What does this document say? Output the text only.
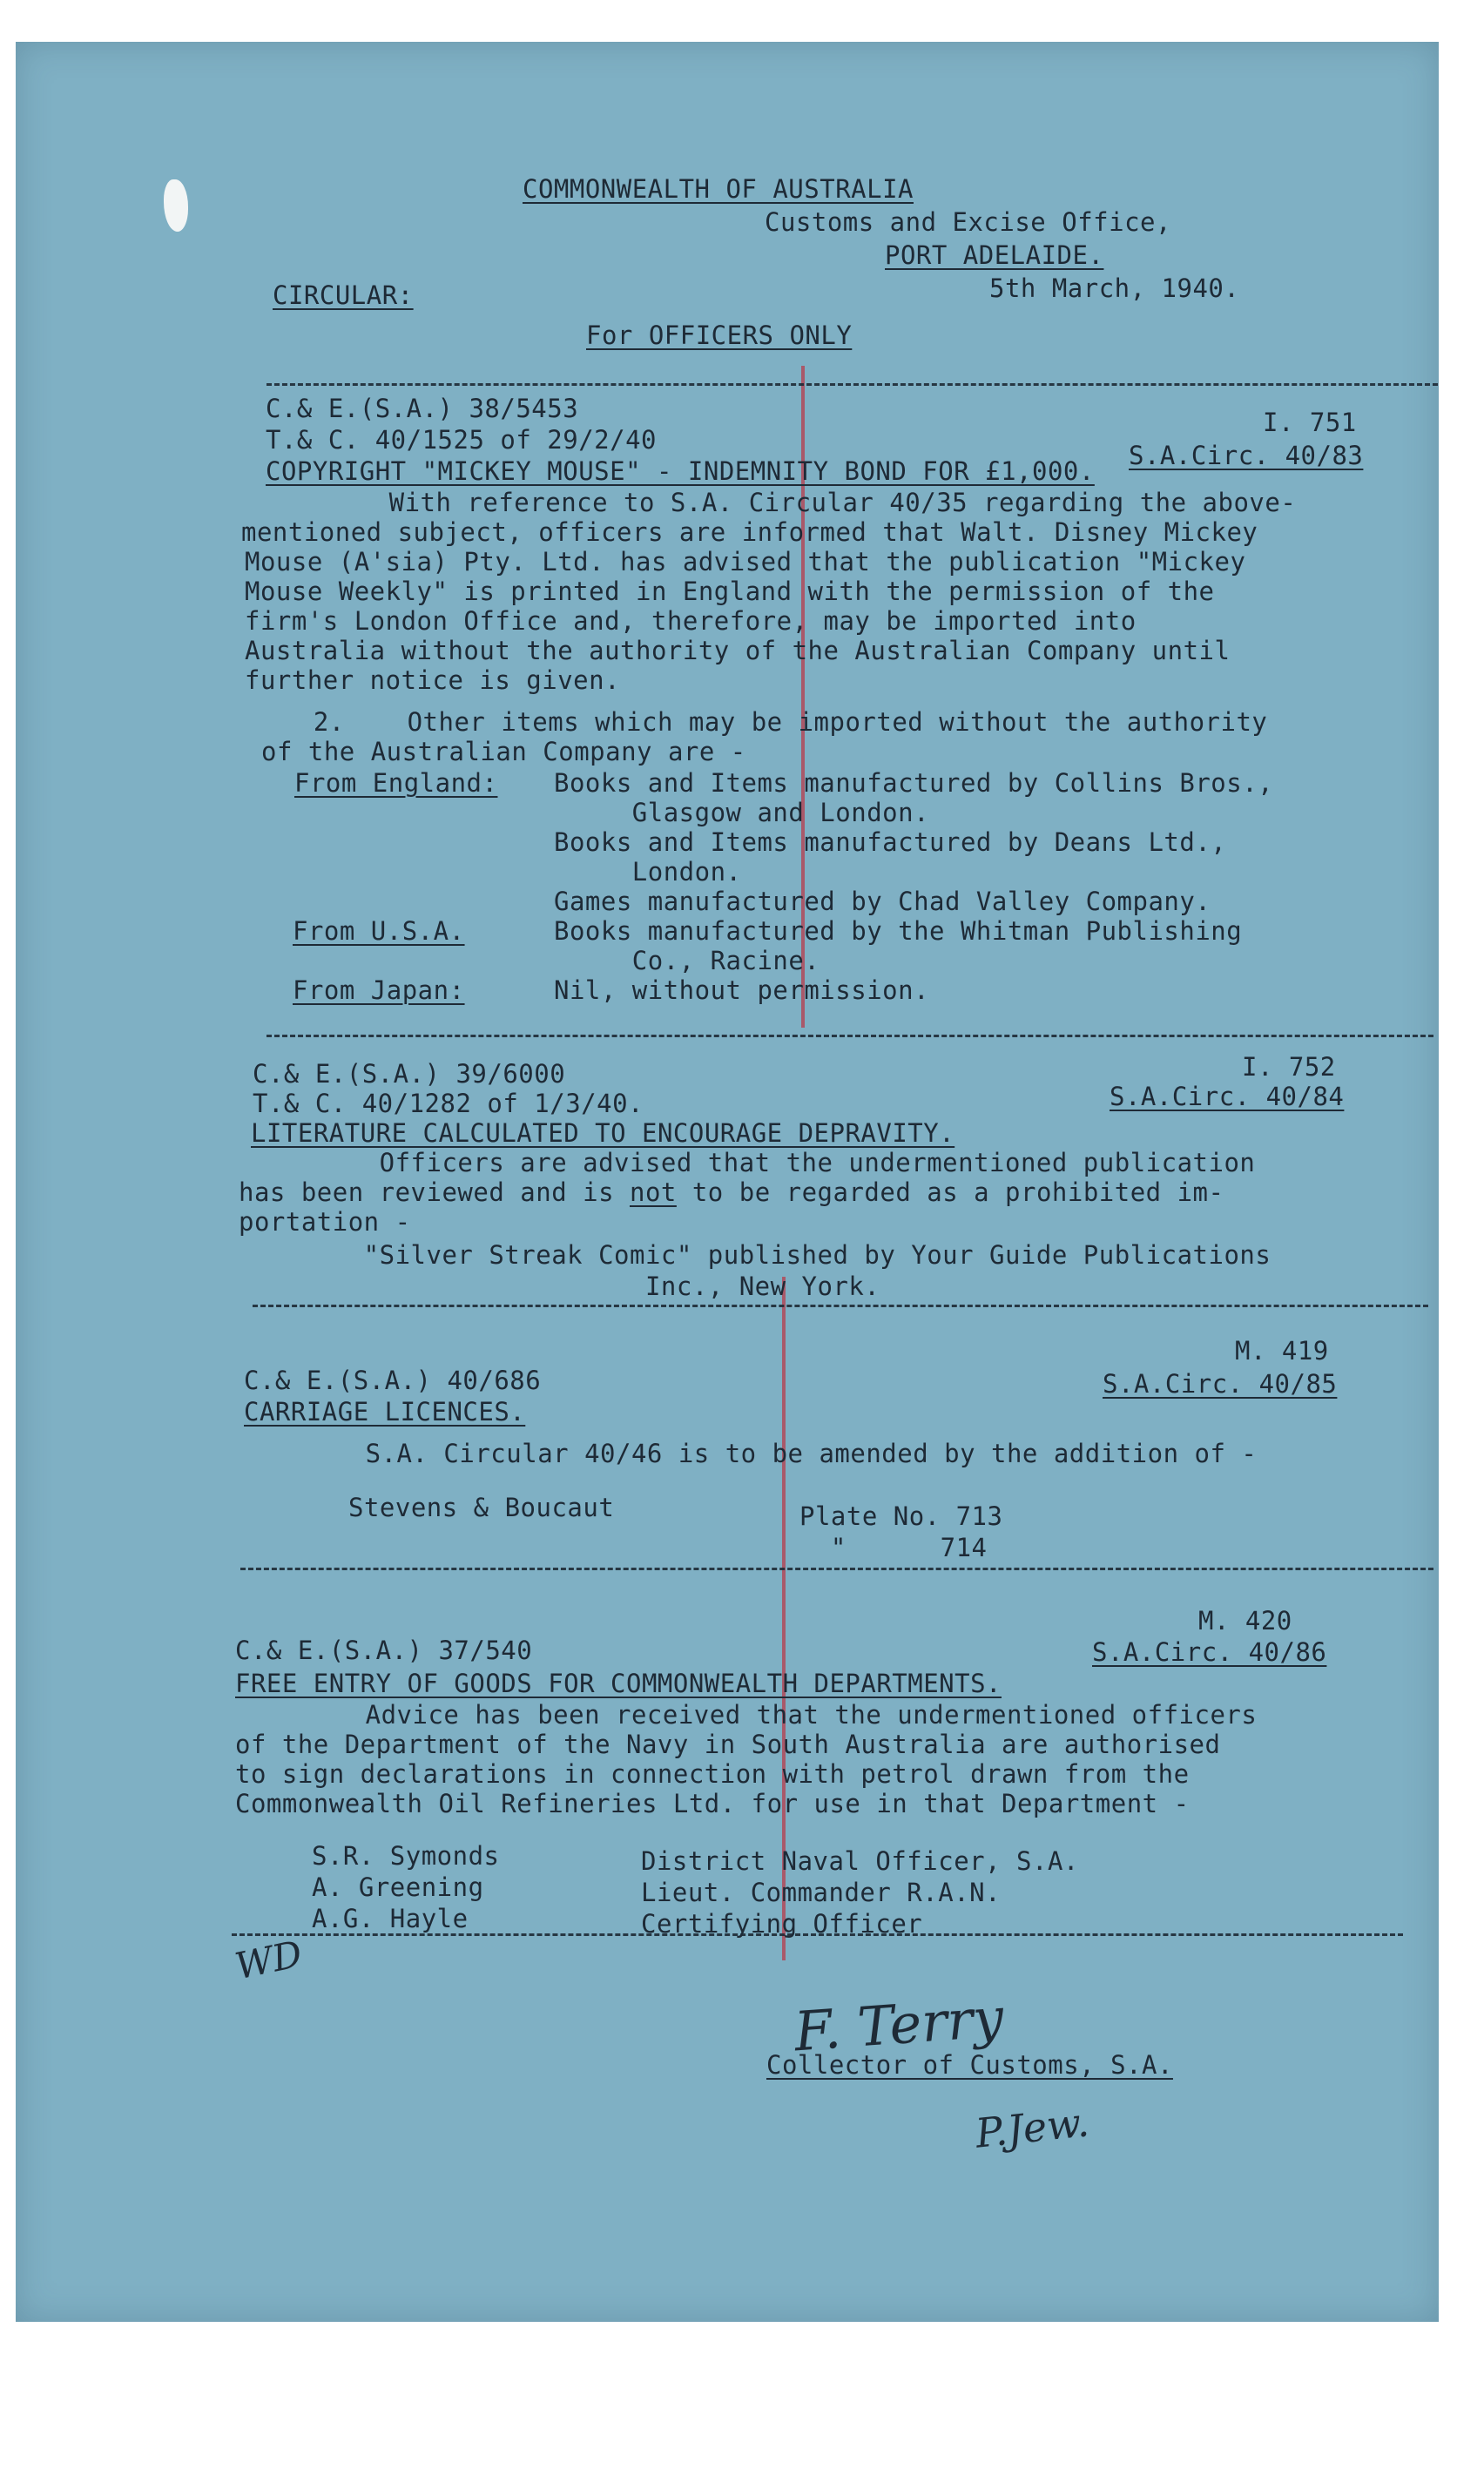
COMMONWEALTH OF AUSTRALIA
Customs and Excise Office,
PORT ADELAIDE.
5th March, 1940.
CIRCULAR:
For OFFICERS ONLY
C.& E.(S.A.) 38/5453
T.& C. 40/1525 of 29/2/40
I. 751
S.A.Circ. 40/83
COPYRIGHT "MICKEY MOUSE" - INDEMNITY BOND FOR £1,000.
With reference to S.A. Circular 40/35 regarding the above-
mentioned subject, officers are informed that Walt. Disney Mickey
Mouse (A'sia) Pty. Ltd. has advised that the publication "Mickey
Mouse Weekly" is printed in England with the permission of the
firm's London Office and, therefore, may be imported into
Australia without the authority of the Australian Company until
further notice is given.
2.    Other items which may be imported without the authority
of the Australian Company are -
From England: Books and Items manufactured by Collins Bros.,
Glasgow and London.
Books and Items manufactured by Deans Ltd.,
London.
Games manufactured by Chad Valley Company.
From U.S.A.	Books manufactured by the Whitman Publishing
Co., Racine.
From Japan:	Nil, without permission.
C.& E.(S.A.) 39/6000	I. 752
T.& C. 40/1282 of 1/3/40.	S.A.Circ. 40/84
LITERATURE CALCULATED TO ENCOURAGE DEPRAVITY.
Officers are advised that the undermentioned publication
has been reviewed and is not to be regarded as a prohibited im-
portation -
"Silver Streak Comic" published by Your Guide Publications
Inc., New York.
M. 419
C.& E.(S.A.) 40/686	S.A.Circ. 40/85
CARRIAGE LICENCES.
S.A. Circular 40/46 is to be amended by the addition of -
Stevens & Boucaut	Plate No. 713
"      714
M. 420
C.& E.(S.A.) 37/540	S.A.Circ. 40/86
FREE ENTRY OF GOODS FOR COMMONWEALTH DEPARTMENTS.
Advice has been received that the undermentioned officers
of the Department of the Navy in South Australia are authorised
to sign declarations in connection with petrol drawn from the
Commonwealth Oil Refineries Ltd. for use in that Department -
S.R. Symonds	District Naval Officer, S.A.
A. Greening	Lieut. Commander R.A.N.
A.G. Hayle	Certifying Officer
WD
F. Terry
Collector of Customs, S.A.
P.Jew.
